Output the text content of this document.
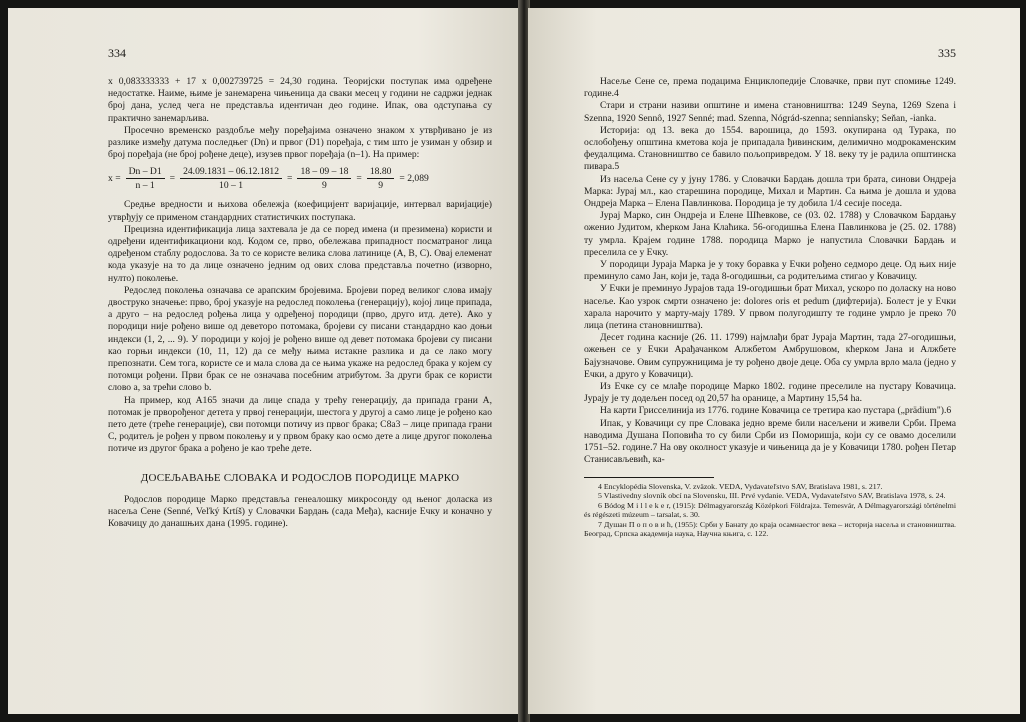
334

x 0,083333333 + 17 x 0,002739725 = 24,30 година. Теоријски поступак има одређене недостатке. Наиме, њиме је занемарена чињеница да сваки месец у години не садржи једнак број дана, услед чега не представља идентичан део године. Ипак, ова одступања су практично занемарљива.

Просечно временско раздобље међу поређајима означено знаком x утврђивано је из разлике између датума последњег (Dn) и првог (D1) поређаја, с тим што је узиман у обзир и број поређаја (не број рођене деце), изузев првог поређаја (n–1). На пример:

$x = \frac{Dn - D1}{n - 1} = \frac{24.09.1831 - 06.12.1812}{10 - 1} = \frac{18 - 09 - 18}{9} = \frac{18.80}{9} = 2,089$

Средње вредности и њихова обележја (коефицијент варијације, интервал варијације) утврђују се применом стандардних статистичких поступака.

Прецизна идентификација лица захтевала је да се поред имена (и презимена) користи и одређени идентификациони код. Кодом се, прво, обележава припадност посматраног лица одређеном стаблу родослова. За то се користе велика слова латинице (A, B, C). Овај елеменат кода указује на то да лице означено једним од ових слова представља почетно (изворно, нулто) поколење.

Редослед поколења означава се арапским бројевима. Бројеви поред великог слова имају двоструко значење: прво, број указује на редослед поколења (генерацију), којој лице припада, а друго – на редослед рођења лица у одређеној породици (прво, друго итд. дете). Ако у породици није рођено више од деветоро потомака, бројеви су писани стандардно као доњи индекси (1, 2, ... 9). У породици у којој је рођено више од девет потомака бројеви су писани као горњи индекси (10, 11, 12) да се међу њима истакне разлика и да се лако могу препознати. Сем тога, користе се и мала слова да се њима укаже на редослед брака у којем су потомци рођени. Први брак се не означава посебним атрибутом. За други брак се користи слово a, за трећи слово b.

На пример, код A165 значи да лице спада у трећу генерацију, да припада грани A, потомак је прворођеног детета у првој генерацији, шестога у другој а само лице је рођено као пето дете (треће генерације), сви потомци потичу из првог брака; C8a3 – лице припада грани C, родитељ је рођен у првом поколењу и у првом браку као осмо дете а лице другог поколења потиче из другог брака а рођено је као треће дете.

ДОСЕЉАВАЊЕ СЛОВАКА И РОДОСЛОВ ПОРОДИЦЕ МАРКО

Родослов породице Марко представља генеалошку микросонду од њеног доласка из насеља Сене (Senné, Veľký Krtíš) у Словачки Бардањ (сада Међа), касније Ечку и коначно у Ковачицу до данашњих дана (1995. године).

335

Насеље Сене се, према подацима Енциклопедије Словачке, први пут спомиње 1249. године.4

Стари и страни називи општине и имена становништва: 1249 Seyna, 1269 Szena i Szenna, 1920 Sennô, 1927 Senné; mad. Szenna, Nógrád-szenna; senniansky; Seňan, -ianka.

Историја: од 13. века до 1554. варошица, до 1593. окупирана од Турака, по ослобођењу општина кметова која је припадала ђивинским, делимично модрокаменским феудалцима. Становништво се бавило пољопривредом. У 18. веку ту је радила општинска пивара.5

Из насеља Сене су у јуну 1786. у Словачки Бардањ дошла три брата, синови Ондреја Марка: Јурај мл., као старешина породице, Михал и Мартин. Са њима је дошла и удова Ондреја Марка – Елена Павлинкова. Породица је ту добила 1/4 сесије поседа.

Јурај Марко, син Ондреја и Елене Шћевкове, се (03. 02. 1788) у Словачком Бардању оженио Јудитом, кћерком Јана Клаћика. 56-огодишња Елена Павлинкова је (25. 02. 1788) ту умрла. Крајем године 1788. породица Марко је напустила Словачки Бардањ и преселила се у Ечку.

У породици Јураја Марка је у току боравка у Ечки рођено седморо деце. Од њих није преминуло само Јан, који је, тада 8-огодишњи, са родитељима стигао у Ковачицу.

У Ечки је преминуо Јурајов тада 19-огодишњи брат Михал, ускоро по доласку на ново насеље. Као узрок смрти означено је: dolores oris et pedum (дифтерија). Болест је у Ечки харала нарочито у марту-мају 1789. У првом полугодишту те године умрло је преко 70 лица (петина становништва).

Десет година касније (26. 11. 1799) најмлађи брат Јураја Мартин, тада 27-огодишњи, ожењен се у Ечки Арађачанком Алжбетом Амбрушовом, кћерком Јана и Алжбете Бајузначове. Овим супружницима је ту рођено двоје деце. Оба су умрла врло мала (једно у Ечки, а друго у Ковачици).

Из Ечке су се млађе породице Марко 1802. године преселиле на пустару Ковачица. Јурају је ту додељен посед од 20,57 ha оранице, а Мартину 15,54 ha.

На карти Грисселиниja из 1776. године Ковачица се третира као пустара („prädium").6

Ипак, у Ковачици су пре Словака једно време били насељени и живели Срби. Према наводима Душана Поповића то су били Срби из Поморишја, који су се овамо доселили 1751–52. године.7 На ову околност указује и чињеница да је у Ковачици 1780. рођен Петар Станисављевић, ка-

4 Encyklopédia Slovenska, V. zväzok. VEDA, Vydavateľstvo SAV, Bratislava 1981, s. 217.

5 Vlastivedny slovník obcí na Slovensku, III. Prvé vydanie. VEDA, Vydavateľstvo SAV, Bratislava 1978, s. 24.

6 Bódog M i l l e k e r, (1915): Délmagyarország Középkori Földrajza. Temesvár, A Délmagyarországi történelmi és régészeti múzeum – tarsalat, s. 30.

7 Душан П о п о в и ћ, (1955): Срби у Банату до краја осамнаестог века – историја насеља и становништва. Београд, Српска академија наука, Научна књига, с. 122.
